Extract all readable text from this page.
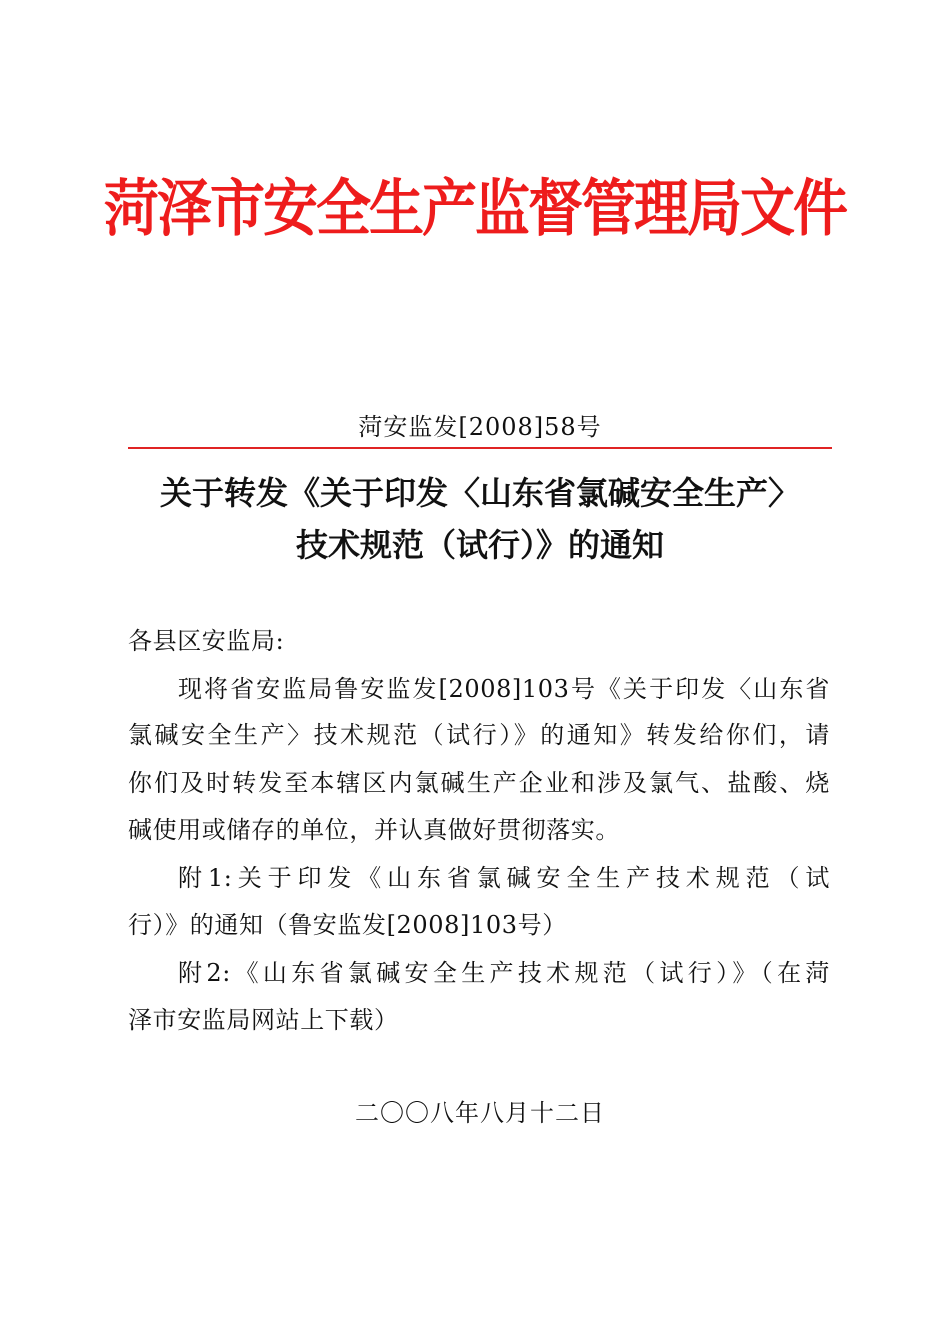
菏泽市安全生产监督管理局文件
菏安监发[2008]58号
关于转发《关于印发〈山东省氯碱安全生产〉
技术规范（试行）》的通知
各县区安监局:
现将省安监局鲁安监发[2008]103号《关于印发〈山东省
氯碱安全生产〉技术规范（试行）》的通知》转发给你们，请
你们及时转发至本辖区内氯碱生产企业和涉及氯气、盐酸、烧
碱使用或储存的单位，并认真做好贯彻落实。
附1:关于印发《山东省氯碱安全生产技术规范（试
行）》的通知（鲁安监发[2008]103号）
附2:《山东省氯碱安全生产技术规范（试行）》（在菏
泽市安监局网站上下载）
二〇〇八年八月十二日
